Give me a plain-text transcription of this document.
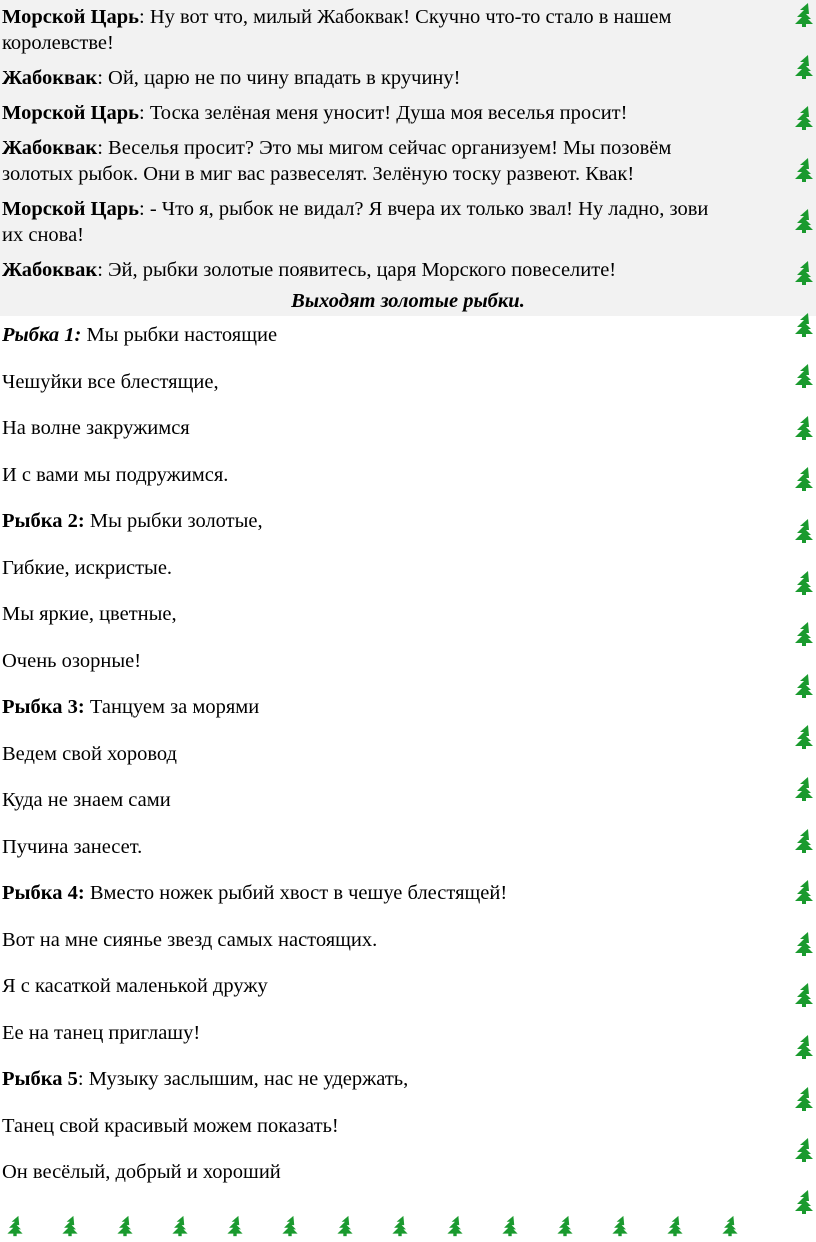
Морской Царь: Ну вот что, милый Жабоквак! Скучно что-то стало в нашем
королевстве!

Жабоквак: Ой, царю не по чину впадать в кручину!

Морской Царь: Тоска зелёная меня уносит! Душа моя веселья просит!

Жабоквак: Веселья просит? Это мы мигом сейчас организуем! Мы позовём
золотых рыбок. Они в миг вас развеселят. Зелёную тоску развеют. Квак!

Морской Царь: - Что я, рыбок не видал? Я вчера их только звал! Ну ладно, зови
их снова!

Жабоквак: Эй, рыбки золотые появитесь, царя Морского повеселите!

Выходят золотые рыбки.

Рыбка 1: Мы рыбки настоящие

Чешуйки все блестящие,

На волне закружимся

И с вами мы подружимся.

Рыбка 2: Мы рыбки золотые,

Гибкие, искристые.

Мы яркие, цветные,

Очень озорные!

Рыбка 3: Танцуем за морями

Ведем свой хоровод

Куда не знаем сами

Пучина занесет.

Рыбка 4: Вместо ножек рыбий хвост в чешуе блестящей!

Вот на мне сиянье звезд самых настоящих.

Я с касаткой маленькой дружу

Ее на танец приглашу!

Рыбка 5: Музыку заслышим, нас не удержать,

Танец свой красивый можем показать!

Он весёлый, добрый и хороший
